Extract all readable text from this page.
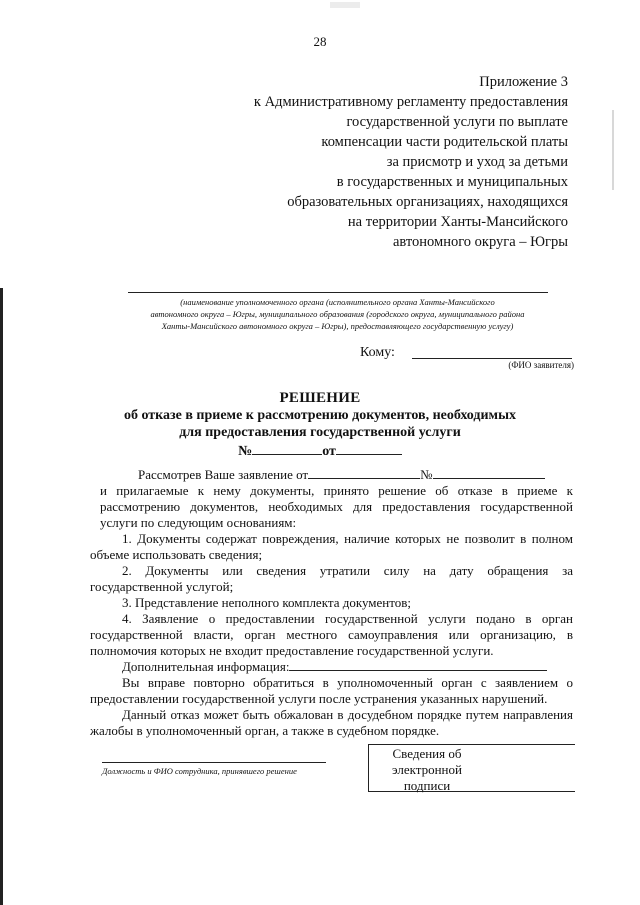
28
Приложение 3
к Административному регламенту предоставления
государственной услуги по выплате
компенсации части родительской платы
за присмотр и уход за детьми
в государственных и муниципальных
образовательных организациях, находящихся
на территории Ханты-Мансийского
автономного округа – Югры
(наименование уполномоченного органа (исполнительного органа Ханты-Мансийского
автономного округа – Югры, муниципального образования (городского округа, муниципального района
Ханты-Мансийского автономного округа – Югры), предоставляющего государственную услугу)
Кому:
(ФИО заявителя)
РЕШЕНИЕ
об отказе в приеме к рассмотрению документов, необходимых
для предоставления государственной услуги
№	от
Рассмотрев Ваше заявление от	№
и прилагаемые к нему документы, принято решение об отказе в приеме к рассмотрению документов, необходимых для предоставления государственной услуги по следующим основаниям:
1. Документы содержат повреждения, наличие которых не позволит в полном объеме использовать сведения;
2. Документы или сведения утратили силу на дату обращения за государственной услугой;
3. Представление неполного комплекта документов;
4. Заявление о предоставлении государственной услуги подано в орган государственной власти, орган местного самоуправления или организацию, в полномочия которых не входит предоставление государственной услуги.
Дополнительная информация:
Вы вправе повторно обратиться в уполномоченный орган с заявлением о предоставлении государственной услуги после устранения указанных нарушений.
Данный отказ может быть обжалован в досудебном порядке путем направления жалобы в уполномоченный орган, а также в судебном порядке.
Должность и ФИО сотрудника, принявшего решение
Сведения об
электронной
подписи
